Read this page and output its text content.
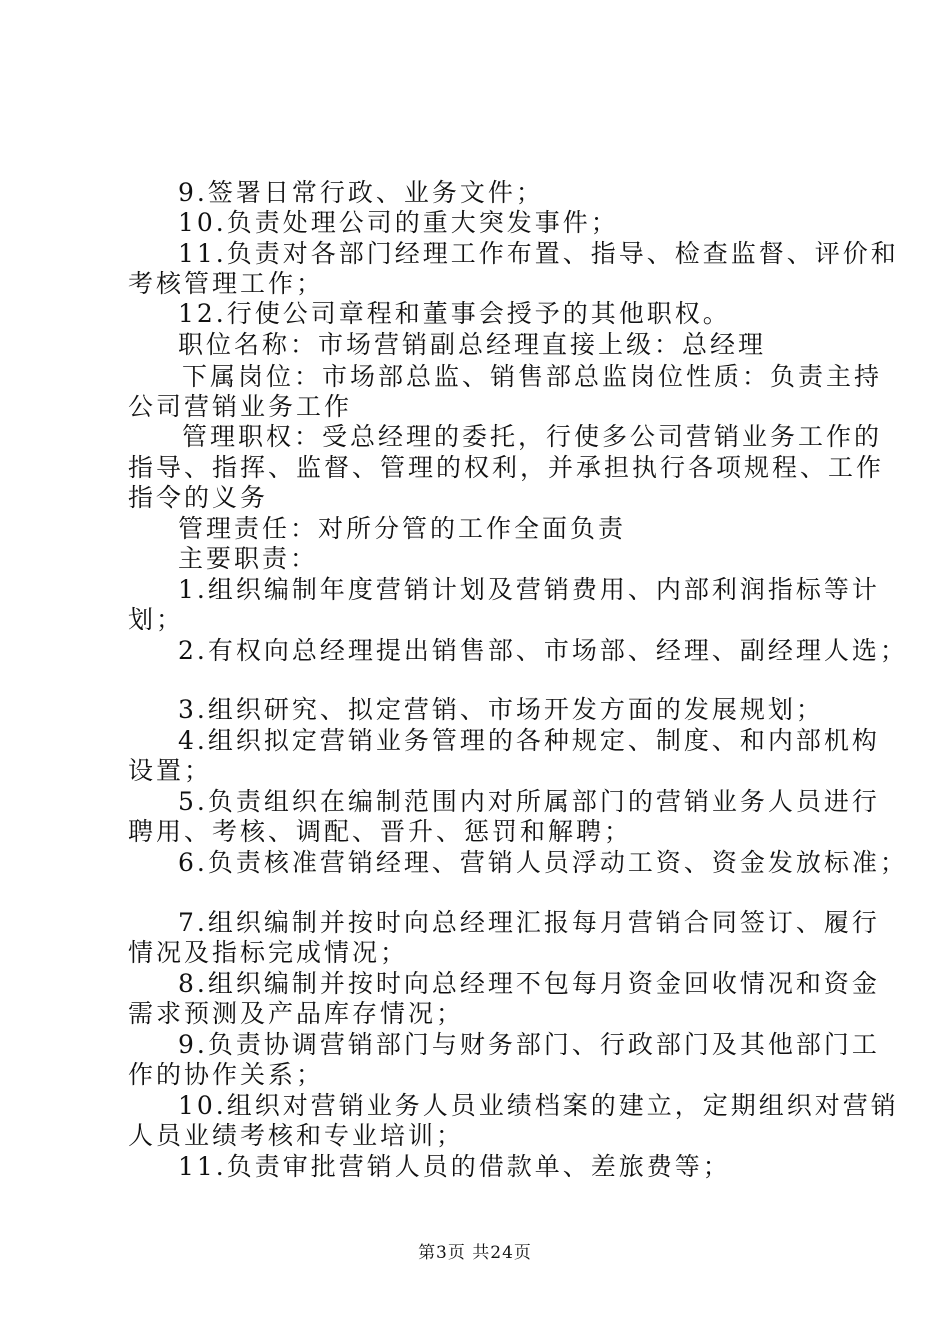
9.签署日常行政、业务文件；
10.负责处理公司的重大突发事件；
11.负责对各部门经理工作布置、指导、检查监督、评价和
考核管理工作；
12.行使公司章程和董事会授予的其他职权。
职位名称：市场营销副总经理直接上级：总经理
下属岗位：市场部总监、销售部总监岗位性质：负责主持
公司营销业务工作
管理职权：受总经理的委托，行使多公司营销业务工作的
指导、指挥、监督、管理的权利，并承担执行各项规程、工作
指令的义务
管理责任：对所分管的工作全面负责
主要职责：
1.组织编制年度营销计划及营销费用、内部利润指标等计
划；
2.有权向总经理提出销售部、市场部、经理、副经理人选；
3.组织研究、拟定营销、市场开发方面的发展规划；
4.组织拟定营销业务管理的各种规定、制度、和内部机构
设置；
5.负责组织在编制范围内对所属部门的营销业务人员进行
聘用、考核、调配、晋升、惩罚和解聘；
6.负责核准营销经理、营销人员浮动工资、资金发放标准；
7.组织编制并按时向总经理汇报每月营销合同签订、履行
情况及指标完成情况；
8.组织编制并按时向总经理不包每月资金回收情况和资金
需求预测及产品库存情况；
9.负责协调营销部门与财务部门、行政部门及其他部门工
作的协作关系；
10.组织对营销业务人员业绩档案的建立，定期组织对营销
人员业绩考核和专业培训；
11.负责审批营销人员的借款单、差旅费等；
第3页 共24页
